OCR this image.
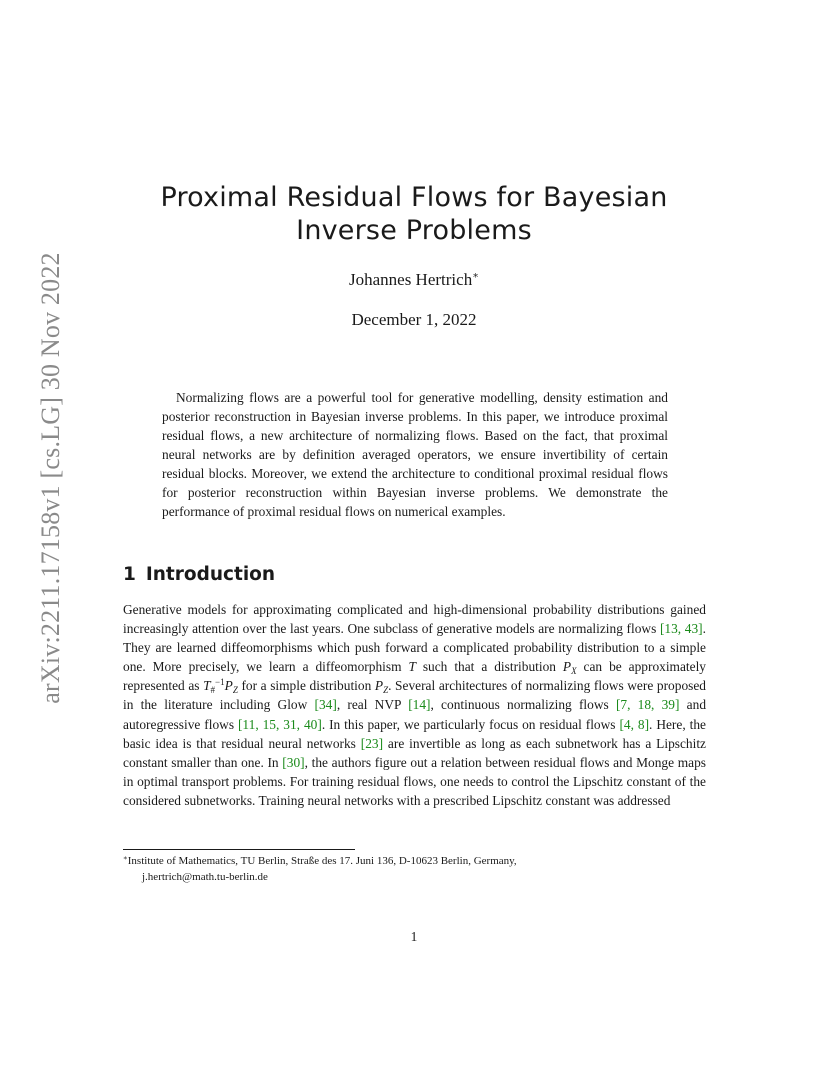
arXiv:2211.17158v1 [cs.LG] 30 Nov 2022
Proximal Residual Flows for Bayesian
Inverse Problems
Johannes Hertrich∗
December 1, 2022
Normalizing flows are a powerful tool for generative modelling, density estimation and posterior reconstruction in Bayesian inverse problems. In this paper, we introduce proximal residual flows, a new architecture of normalizing flows. Based on the fact, that proximal neural networks are by definition averaged operators, we ensure invertibility of certain residual blocks. Moreover, we extend the architecture to conditional proximal residual flows for posterior reconstruction within Bayesian inverse problems. We demonstrate the performance of proximal residual flows on numerical examples.
1 Introduction
Generative models for approximating complicated and high-dimensional probability distributions gained increasingly attention over the last years. One subclass of generative models are normalizing flows [13, 43]. They are learned diffeomorphisms which push forward a complicated probability distribution to a simple one. More precisely, we learn a diffeomorphism T such that a distribution $P_X$ can be approximately represented as $T_{\#}^{-1}P_Z$ for a simple distribution $P_Z$. Several architectures of normalizing flows were proposed in the literature including Glow [34], real NVP [14], continuous normalizing flows [7, 18, 39] and autoregressive flows [11, 15, 31, 40]. In this paper, we particularly focus on residual flows [4, 8]. Here, the basic idea is that residual neural networks [23] are invertible as long as each subnetwork has a Lipschitz constant smaller than one. In [30], the authors figure out a relation between residual flows and Monge maps in optimal transport problems. For training residual flows, one needs to control the Lipschitz constant of the considered subnetworks. Training neural networks with a prescribed Lipschitz constant was addressed
∗Institute of Mathematics, TU Berlin, Straße des 17. Juni 136, D-10623 Berlin, Germany,
j.hertrich@math.tu-berlin.de
1
